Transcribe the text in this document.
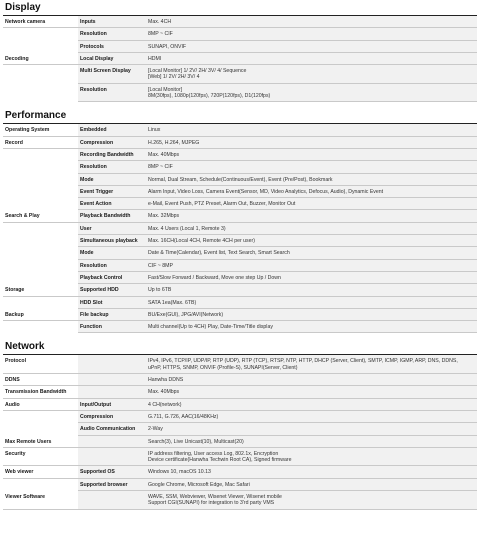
Display
Network camera	Inputs	Max. 4CH
	Resolution	8MP ~ CIF
	Protocols	SUNAPI, ONVIF
Decoding	Local Display	HDMI
	Multi Screen Display	[Local Monitor] 1/ 2V/ 2H/ 3V/ 4/ Sequence
[Web] 1/ 2V/ 2H/ 3V/ 4
	Resolution	[Local Monitor]
8M(30fps), 1080p(120fps), 720P(120fps), D1(120fps)
Performance
Operating System	Embedded	Linux
Record	Compression	H.265, H.264, MJPEG
	Recording Bandwidth	Max. 40Mbps
	Resolution	8MP ~ CIF
	Mode	Normal, Dual Stream, Schedule(Continuous/Event), Event (Pre/Post), Bookmark
	Event Trigger	Alarm Input, Video Loss, Camera Event(Sensor, MD, Video Analytics, Defocus, Audio), Dynamic Event
	Event Action	e-Mail, Event Push, PTZ Preset, Alarm Out, Buzzer, Monitor Out
Search & Play	Playback Bandwidth	Max. 32Mbps
	User	Max. 4 Users (Local 1, Remote 3)
	Simultaneous playback	Max. 16CH(Local 4CH, Remote 4CH per user)
	Mode	Date & Time(Calendar), Event list, Text Search, Smart Search
	Resolution	CIF ~ 8MP
	Playback Control	Fast/Slow Forward / Backward, Move one step Up / Down
Storage	Supported HDD	Up to 6TB
	HDD Slot	SATA 1ea(Max. 6TB)
Backup	File backup	BU/Exe(GUI), JPG/AVI(Network)
	Function	Multi channel(Up to 4CH) Play, Date-Time/Title display
Network
Protocol		IPv4, IPv6, TCP/IP, UDP/IP, RTP (UDP), RTP (TCP), RTSP, NTP, HTTP, DHCP (Server, Client), SMTP, ICMP, IGMP, ARP, DNS, DDNS,
uPnP, HTTPS, SNMP, ONVIF (Profile-S), SUNAPI(Server, Client)
DDNS		Hanwha DDNS
Transmission Bandwidth		Max. 40Mbps
Audio	Input/Output	4 CH(network)
	Compression	G.711, G.726, AAC(16/48KHz)
	Audio Communication	2-Way
Max Remote Users		Search(3), Live Unicast(10), Multicast(20)
Security		IP address filtering, User access Log, 802.1x, Encryption
Device certificate(Hanwha Techwin Root CA), Signed firmware
Web viewer	Supported OS	Windows 10, macOS 10.13
	Supported browser	Google Chrome, Microsoft Edge, Mac Safari
Viewer Software		WAVE, SSM, Webviewer, Wisenet Viewer, Wisenet mobile
Support CGI(SUNAPI) for integration to 3'rd party VMS
